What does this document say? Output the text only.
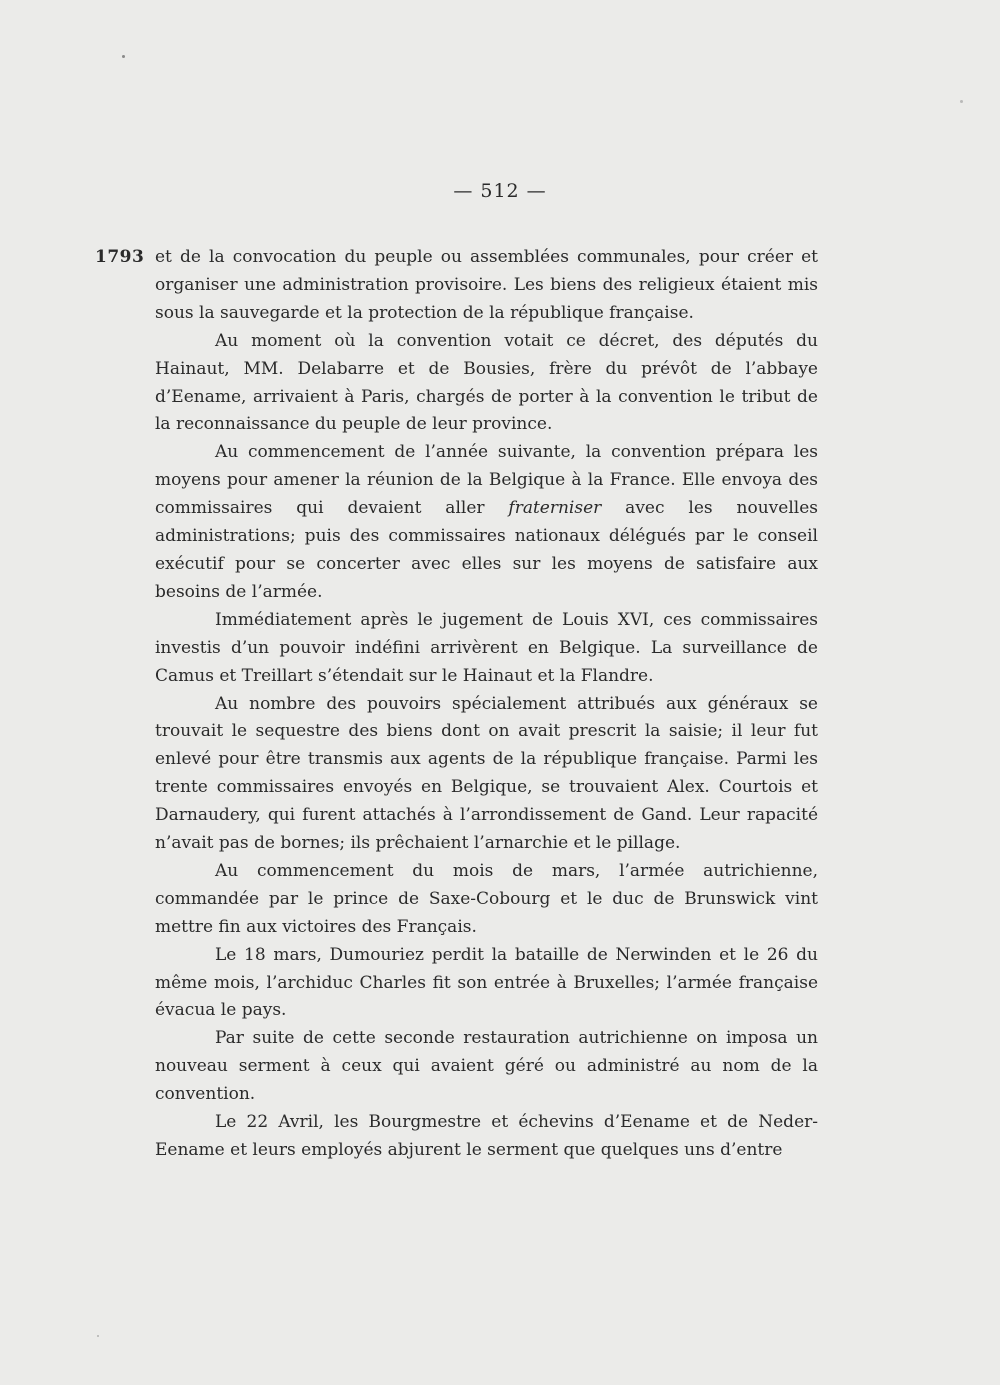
— 512 —
1793 et de la convocation du peuple ou assemblées communales, pour créer et organiser une administration provisoire. Les biens des religieux étaient mis sous la sauvegarde et la protection de la république française.

Au moment où la convention votait ce décret, des députés du Hainaut, MM. Delabarre et de Bousies, frère du prévôt de l’abbaye d’Eename, arrivaient à Paris, chargés de porter à la convention le tribut de la reconnaissance du peuple de leur province.

Au commencement de l’année suivante, la convention prépara les moyens pour amener la réunion de la Belgique à la France. Elle envoya des commissaires qui devaient aller fraterniser avec les nouvelles administrations; puis des commissaires nationaux délégués par le conseil exécutif pour se concerter avec elles sur les moyens de satisfaire aux besoins de l’armée.

Immédiatement après le jugement de Louis XVI, ces commissaires investis d’un pouvoir indéfini arrivèrent en Belgique. La surveillance de Camus et Treillart s’étendait sur le Hainaut et la Flandre.

Au nombre des pouvoirs spécialement attribués aux généraux se trouvait le sequestre des biens dont on avait prescrit la saisie; il leur fut enlevé pour être transmis aux agents de la république française. Parmi les trente commissaires envoyés en Belgique, se trouvaient Alex. Courtois et Darnaudery, qui furent attachés à l’arrondissement de Gand. Leur rapacité n’avait pas de bornes; ils prêchaient l’arnarchie et le pillage.

Au commencement du mois de mars, l’armée autrichienne, commandée par le prince de Saxe-Cobourg et le duc de Brunswick vint mettre fin aux victoires des Français.

Le 18 mars, Dumouriez perdit la bataille de Nerwinden et le 26 du même mois, l’archiduc Charles fit son entrée à Bruxelles; l’armée française évacua le pays.

Par suite de cette seconde restauration autrichienne on imposa un nouveau serment à ceux qui avaient géré ou administré au nom de la convention.

Le 22 Avril, les Bourgmestre et échevins d’Eename et de Neder-Eename et leurs employés abjurent le serment que quelques uns d’entre
